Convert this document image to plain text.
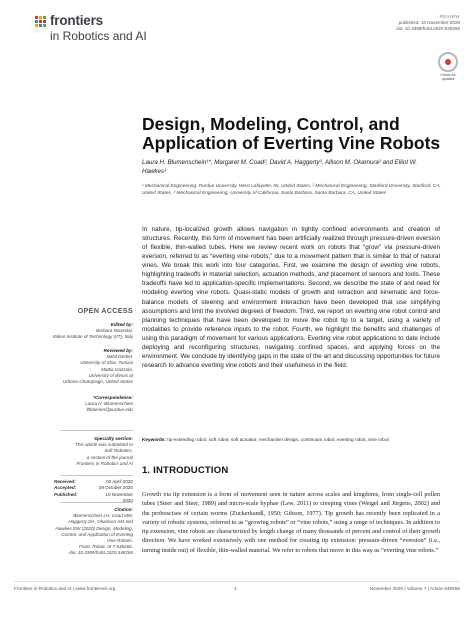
frontiers
in Robotics and AI
REVIEW
published: 10 November 2020
doi: 10.3389/frobt.2020.548266
Check for updates
Design, Modeling, Control, and Application of Everting Vine Robots
Laura H. Blumenschein¹*, Margaret M. Coad², David A. Haggerty³, Allison M. Okamura² and Elliot W. Hawkes³
¹ Mechanical Engineering, Purdue University, West Lafayette, IN, United States, ² Mechanical Engineering, Stanford University, Stanford, CA, United States, ³ Mechanical Engineering, University of California, Santa Barbara, Santa Barbara, CA, United States
In nature, tip-localized growth allows navigation in tightly confined environments and creation of structures. Recently, this form of movement has been artificially realized through pressure-driven eversion of flexible, thin-walled tubes. Here we review recent work on robots that “grow” via pressure-driven eversion, referred to as “everting vine robots,” due to a movement pattern that is similar to that of natural vines. We break this work into four categories. First, we examine the design of everting vine robots, highlighting tradeoffs in material selection, actuation methods, and placement of sensors and tools. These tradeoffs have led to application-specific implementations. Second, we describe the state of and need for modeling everting vine robots. Quasi-static models of growth and retraction and kinematic and force-balance models of steering and environment interaction have been developed that use simplifying assumptions and limit the involved degrees of freedom. Third, we report on everting vine robot control and planning techniques that have been developed to move the robot tip to a target, using a variety of modalities to provide reference inputs to the robot. Fourth, we highlight the benefits and challenges of using this paradigm of movement for various applications. Everting vine robot applications to date include deploying and reconfiguring structures, navigating confined spaces, and applying forces on the environment. We conclude by identifying gaps in the state of the art and discussing opportunities for future research to advance everting vine robots and their usefulness in the field.
Keywords: tip-extending robot, soft robot, soft actuator, mechanism design, continuum robot, everting robot, vine robot
1. INTRODUCTION
Growth via tip extension is a form of movement seen in nature across scales and kingdoms, from single-cell pollen tubes (Steer and Steer, 1989) and micro-scale hyphae (Lew, 2011) to creeping vines (Weigel and Jürgens, 2002) and the proboscises of certain worms (Zuckerkandl, 1950; Gibson, 1977). Tip growth has recently been replicated in a variety of robotic systems, referred to as “growing robots” or “vine robots,” using a range of techniques. In addition to tip extension, vine robots are characterized by length change of many thousands of percent and control of their growth direction. We have worked extensively with one method for creating tip extension: pressure-driven “eversion” (i.e., turning inside out) of flexible, thin-walled material. We refer to robots that move in this way as “everting vine robots.”
OPEN ACCESS
Edited by:
Barbara Mazzolai,
Italian Institute of Technology (IIT), Italy
Reviewed by:
Nabil Derbel,
University of Sfax, Tunisia
Mattia Gazzola,
University of Illinois at
Urbana-Champaign, United States
*Correspondence:
Laura H. Blumenschein
lhblumen@purdue.edu
Specialty section:
This article was submitted to
Soft Robotics,
a section of the journal
Frontiers in Robotics and AI
Received:	02 April 2020
Accepted:	29 October 2020
Published:	10 November 2020
Citation:
Blumenschein LH, Coad MM,
Haggerty DA, Okamura AM and
Hawkes EW (2020) Design, Modeling,
Control, and Application of Everting
Vine Robots.
Front. Robot. AI 7:548266.
doi: 10.3389/frobt.2020.548266
Frontiers in Robotics and AI | www.frontiersin.org	1	November 2020 | Volume 7 | Article 548266
